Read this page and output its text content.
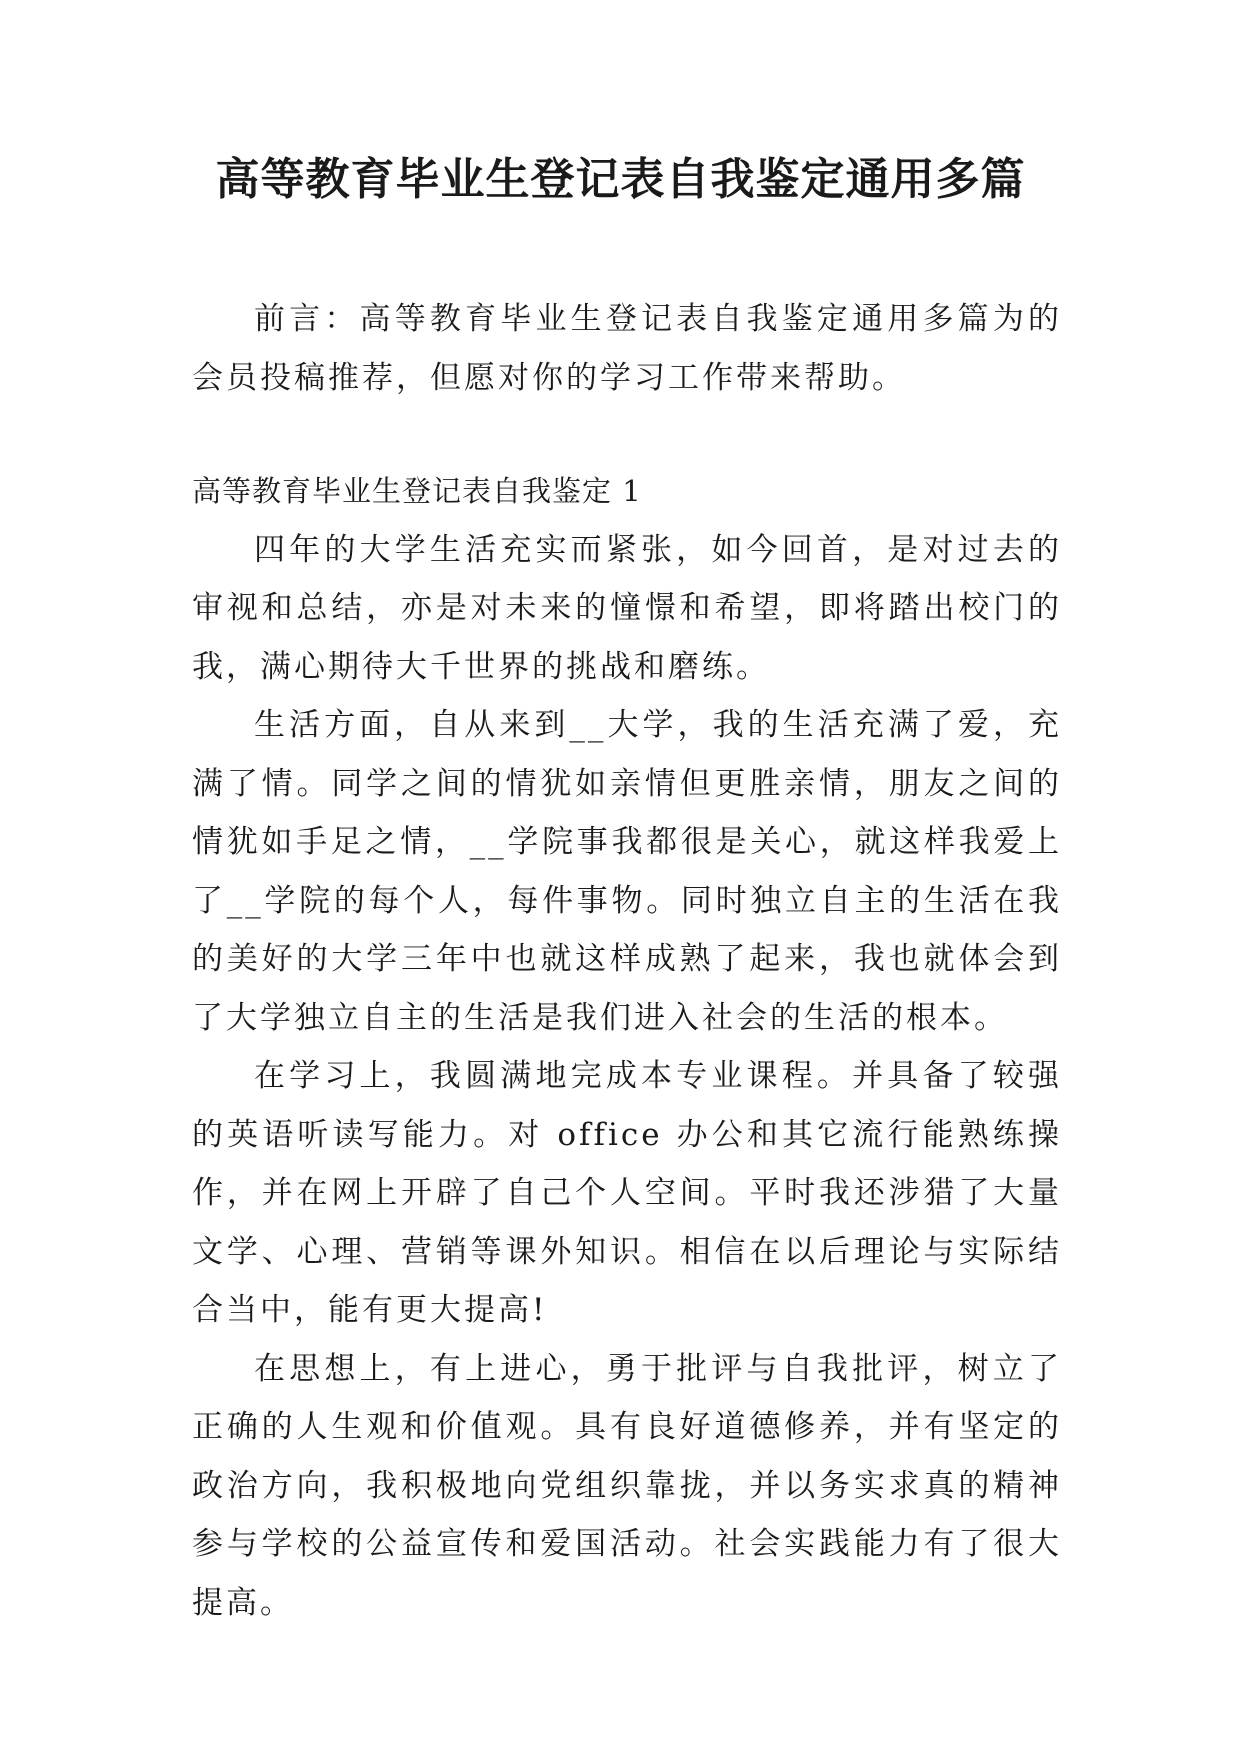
高等教育毕业生登记表自我鉴定通用多篇

前言：高等教育毕业生登记表自我鉴定通用多篇为的会员投稿推荐，但愿对你的学习工作带来帮助。

高等教育毕业生登记表自我鉴定 1

四年的大学生活充实而紧张，如今回首，是对过去的审视和总结，亦是对未来的憧憬和希望，即将踏出校门的我，满心期待大千世界的挑战和磨练。

生活方面，自从来到__大学，我的生活充满了爱，充满了情。同学之间的情犹如亲情但更胜亲情，朋友之间的情犹如手足之情，__学院事我都很是关心，就这样我爱上了__学院的每个人，每件事物。同时独立自主的生活在我的美好的大学三年中也就这样成熟了起来，我也就体会到了大学独立自主的生活是我们进入社会的生活的根本。

在学习上，我圆满地完成本专业课程。并具备了较强的英语听读写能力。对 office 办公和其它流行能熟练操作，并在网上开辟了自己个人空间。平时我还涉猎了大量文学、心理、营销等课外知识。相信在以后理论与实际结合当中，能有更大提高!

在思想上，有上进心，勇于批评与自我批评，树立了正确的人生观和价值观。具有良好道德修养，并有坚定的政治方向，我积极地向党组织靠拢，并以务实求真的精神参与学校的公益宣传和爱国活动。社会实践能力有了很大提高。
